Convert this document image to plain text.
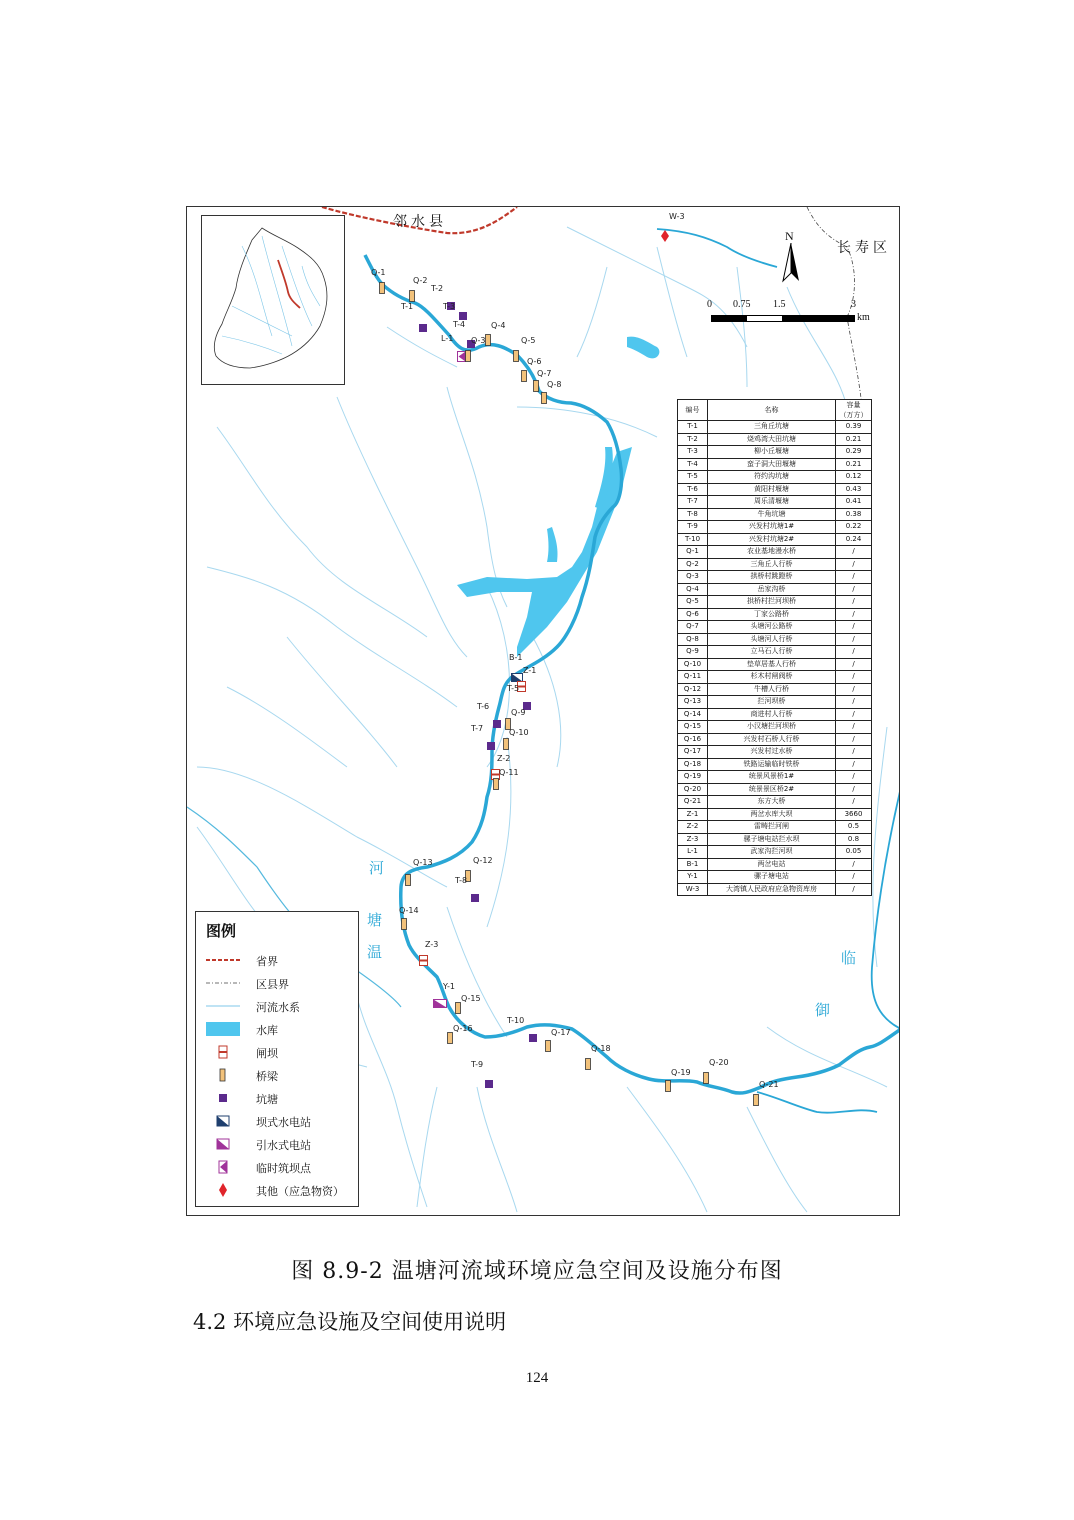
W-3
Q-1
Q-2
T-2
T-3
T-1
T-4
L-1 Q-3
Q-4
Q-5
Q-6
Q-7
Q-8
B-1
Z-1
T-5
T-6
Q-9
T-7	Q-10
Z-2
Q-11
Q-13	Q-12
T-8
Q-14
Z-3
Y-1
Q-15
Q-16
T-10
Q-17
Q-18
T-9
Q-19
Q-20
Q-21
邻水县
长寿区
温
塘
河
御
临
N
0 0.75 1.5	3
km
编号	名称	容量
（万方）

T-1	三角丘坑塘	0.39
T-2	烧鸡湾大田坑塘	0.21
T-3	柳小丘堰塘	0.29
T-4	蛮子洞大田堰塘	0.21
T-5	符约沟坑塘	0.12
T-6	黄阳村堰塘	0.43
T-7	周乐清堰塘	0.41
T-8	牛角坑塘	0.38
T-9	兴发村坑塘1#	0.22
T-10	兴发村坑塘2#	0.24
Q-1	农业基地漫水桥	/
Q-2	三角丘人行桥	/
Q-3	拱桥村跳蹬桥	/
Q-4	岳家沟桥	/
Q-5	拱桥村拦河坝桥	/
Q-6	丁家公路桥	/
Q-7	头塘河公路桥	/
Q-8	头塘河人行桥	/
Q-9	立马石人行桥	/
Q-10	垫草居基人行桥	/
Q-11	杉木村闸阀桥	/
Q-12	牛槽人行桥	/
Q-13	拦河坝桥	/
Q-14	商进村人行桥	/
Q-15	小汉塘拦河坝桥	/
Q-16	兴发村石桥人行桥	/
Q-17	兴发村过水桥	/
Q-18	铁路运输临时铁桥	/
Q-19	统景风景桥1#	/
Q-20	统景景区桥2#	/
Q-21	东方大桥	/
Z-1	两岔水库大坝	3660
Z-2	雷畴拦河闸	0.5
Z-3	骡子塘电站拦水坝	0.8
L-1	武家沟拦河坝	0.05
B-1	两岔电站	/
Y-1	骡子塘电站	/
W-3	大湾镇人民政府应急物资库房	/
图例
省界
区县界
河流水系
水库
闸坝
桥梁
坑塘
坝式水电站
引水式电站
临时筑坝点
其他（应急物资）
图 8.9-2 温塘河流域环境应急空间及设施分布图
4.2 环境应急设施及空间使用说明
124
